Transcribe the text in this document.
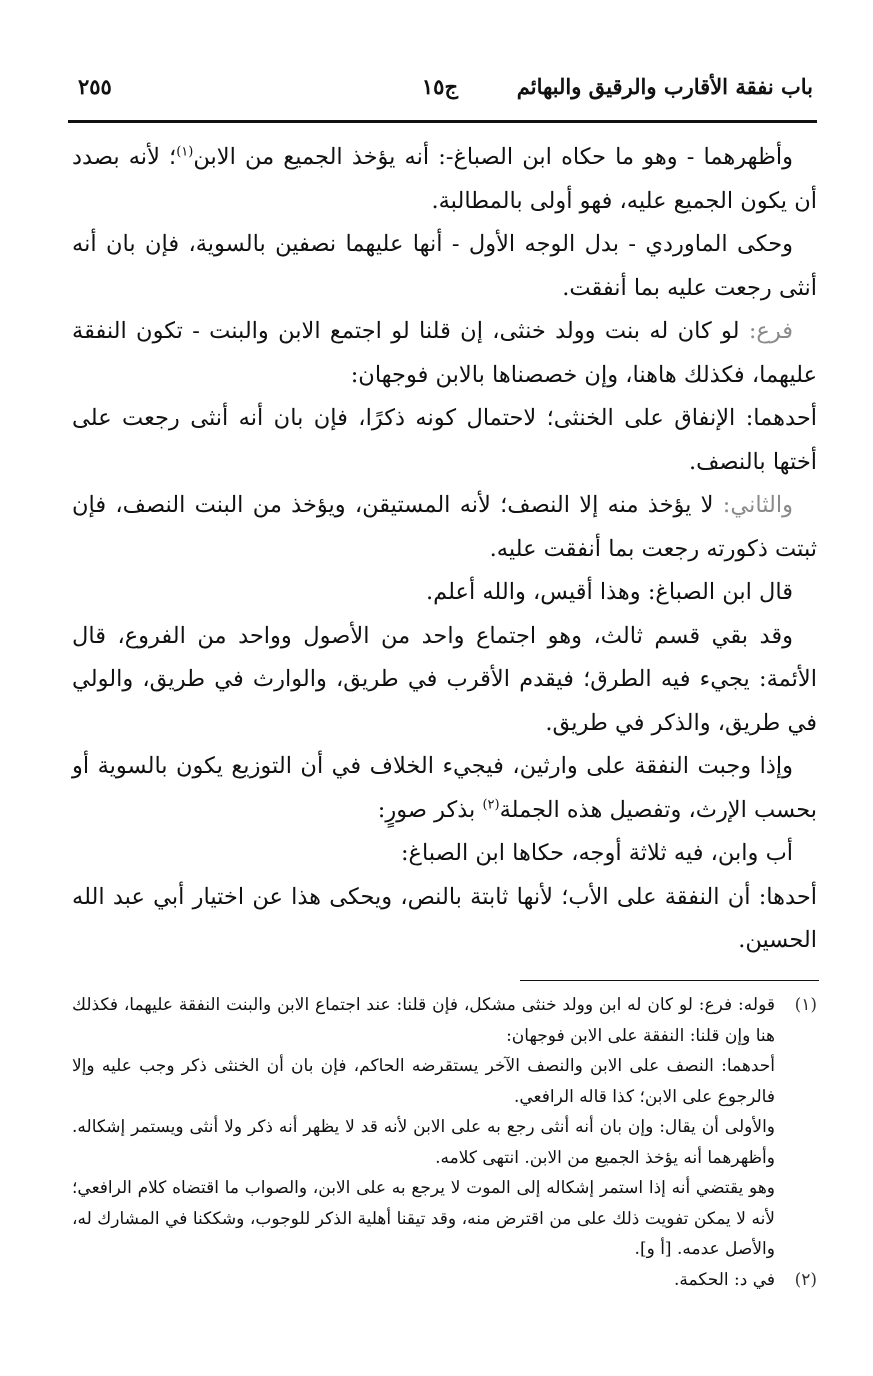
باب نفقة الأقارب والرقيق والبهائم
ج١٥
٢٥٥

وأظهرهما - وهو ما حكاه ابن الصباغ-: أنه يؤخذ الجميع من الابن$^{(١)}$؛ لأنه بصدد أن يكون الجميع عليه، فهو أولى بالمطالبة.

وحكى الماوردي - بدل الوجه الأول - أنها عليهما نصفين بالسوية، فإن بان أنه أنثى رجعت عليه بما أنفقت.

فرع: لو كان له بنت وولد خنثى، إن قلنا لو اجتمع الابن والبنت - تكون النفقة عليهما، فكذلك هاهنا، وإن خصصناها بالابن فوجهان:

أحدهما: الإنفاق على الخنثى؛ لاحتمال كونه ذكرًا، فإن بان أنه أنثى رجعت على أختها بالنصف.

والثاني: لا يؤخذ منه إلا النصف؛ لأنه المستيقن، ويؤخذ من البنت النصف، فإن ثبتت ذكورته رجعت بما أنفقت عليه.

قال ابن الصباغ: وهذا أقيس، والله أعلم.

وقد بقي قسم ثالث، وهو اجتماع واحد من الأصول وواحد من الفروع، قال الأئمة: يجيء فيه الطرق؛ فيقدم الأقرب في طريق، والوارث في طريق، والولي في طريق، والذكر في طريق.

وإذا وجبت النفقة على وارثين، فيجيء الخلاف في أن التوزيع يكون بالسوية أو بحسب الإرث، وتفصيل هذه الجملة$^{(٢)}$ بذكر صورٍ:

أب وابن، فيه ثلاثة أوجه، حكاها ابن الصباغ:

أحدها: أن النفقة على الأب؛ لأنها ثابتة بالنص، ويحكى هذا عن اختيار أبي عبد الله الحسين.

(١)

قوله: فرع: لو كان له ابن وولد خنثى مشكل، فإن قلنا: عند اجتماع الابن والبنت النفقة عليهما، فكذلك هنا وإن قلنا: النفقة على الابن فوجهان:

أحدهما: النصف على الابن والنصف الآخر يستقرضه الحاكم، فإن بان أن الخنثى ذكر وجب عليه وإلا فالرجوع على الابن؛ كذا قاله الرافعي.

والأولى أن يقال: وإن بان أنه أنثى رجع به على الابن لأنه قد لا يظهر أنه ذكر ولا أنثى ويستمر إشكاله. وأظهرهما أنه يؤخذ الجميع من الابن. انتهى كلامه.

وهو يقتضي أنه إذا استمر إشكاله إلى الموت لا يرجع به على الابن، والصواب ما اقتضاه كلام الرافعي؛ لأنه لا يمكن تفويت ذلك على من اقترض منه، وقد تيقنا أهلية الذكر للوجوب، وشككنا في المشارك له، والأصل عدمه. [أ و].

(٢)

في د: الحكمة.
